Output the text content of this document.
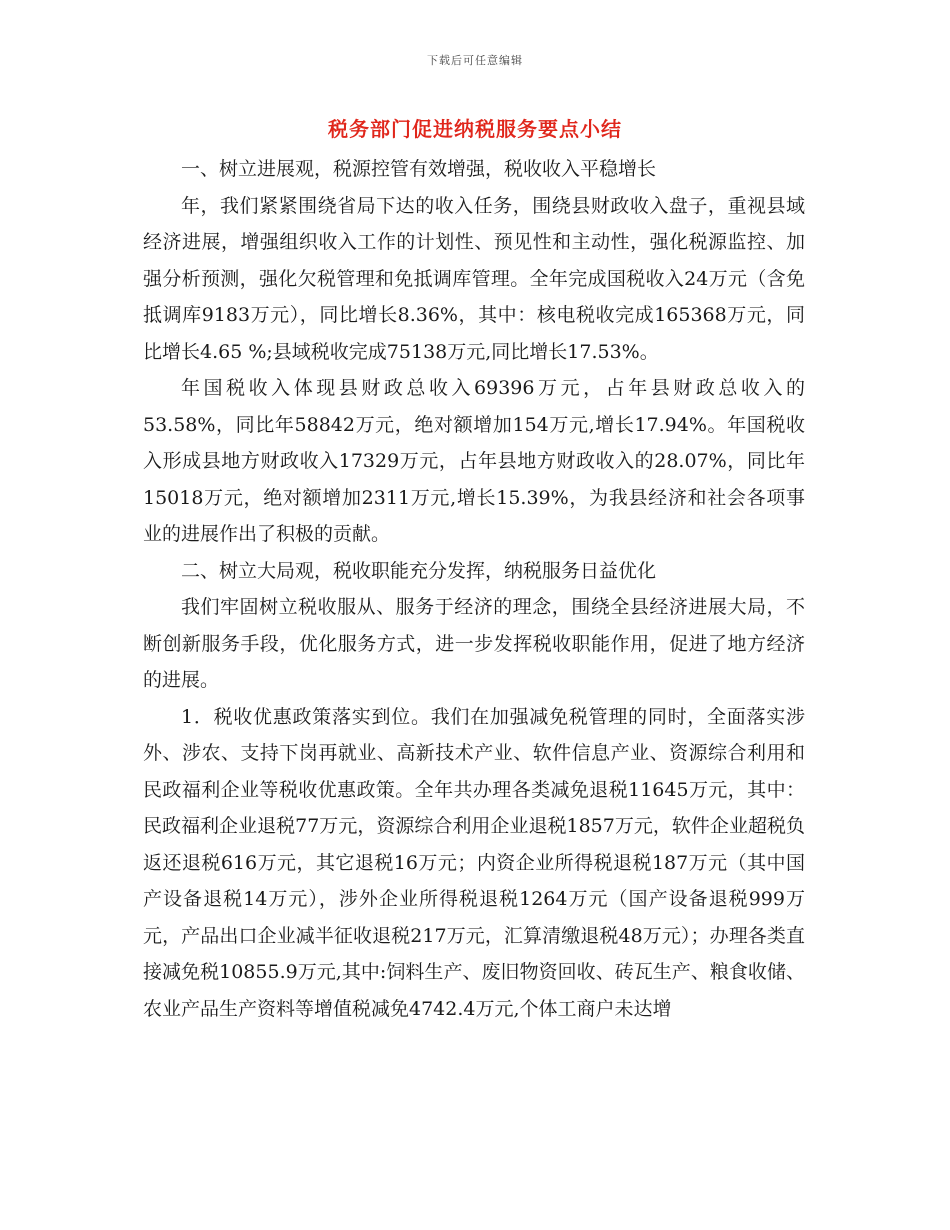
下载后可任意编辑
税务部门促进纳税服务要点小结

一、树立进展观，税源控管有效增强，税收收入平稳增长

年，我们紧紧围绕省局下达的收入任务，围绕县财政收入盘子，重视县域经济进展，增强组织收入工作的计划性、预见性和主动性，强化税源监控、加强分析预测，强化欠税管理和免抵调库管理。全年完成国税收入24万元（含免抵调库9183万元），同比增长8.36%，其中：核电税收完成165368万元，同比增长4.65 %;县域税收完成75138万元,同比增长17.53%。

年国税收入体现县财政总收入69396万元，占年县财政总收入的53.58%，同比年58842万元，绝对额增加154万元,增长17.94%。年国税收入形成县地方财政收入17329万元，占年县地方财政收入的28.07%，同比年15018万元，绝对额增加2311万元,增长15.39%，为我县经济和社会各项事业的进展作出了积极的贡献。

二、树立大局观，税收职能充分发挥，纳税服务日益优化

我们牢固树立税收服从、服务于经济的理念，围绕全县经济进展大局，不断创新服务手段，优化服务方式，进一步发挥税收职能作用，促进了地方经济的进展。

1．税收优惠政策落实到位。我们在加强减免税管理的同时，全面落实涉外、涉农、支持下岗再就业、高新技术产业、软件信息产业、资源综合利用和民政福利企业等税收优惠政策。全年共办理各类减免退税11645万元，其中：民政福利企业退税77万元，资源综合利用企业退税1857万元，软件企业超税负返还退税616万元，其它退税16万元；内资企业所得税退税187万元（其中国产设备退税14万元），涉外企业所得税退税1264万元（国产设备退税999万元，产品出口企业减半征收退税217万元，汇算清缴退税48万元）；办理各类直接减免税10855.9万元,其中:饲料生产、废旧物资回收、砖瓦生产、粮食收储、农业产品生产资料等增值税减免4742.4万元,个体工商户未达增
